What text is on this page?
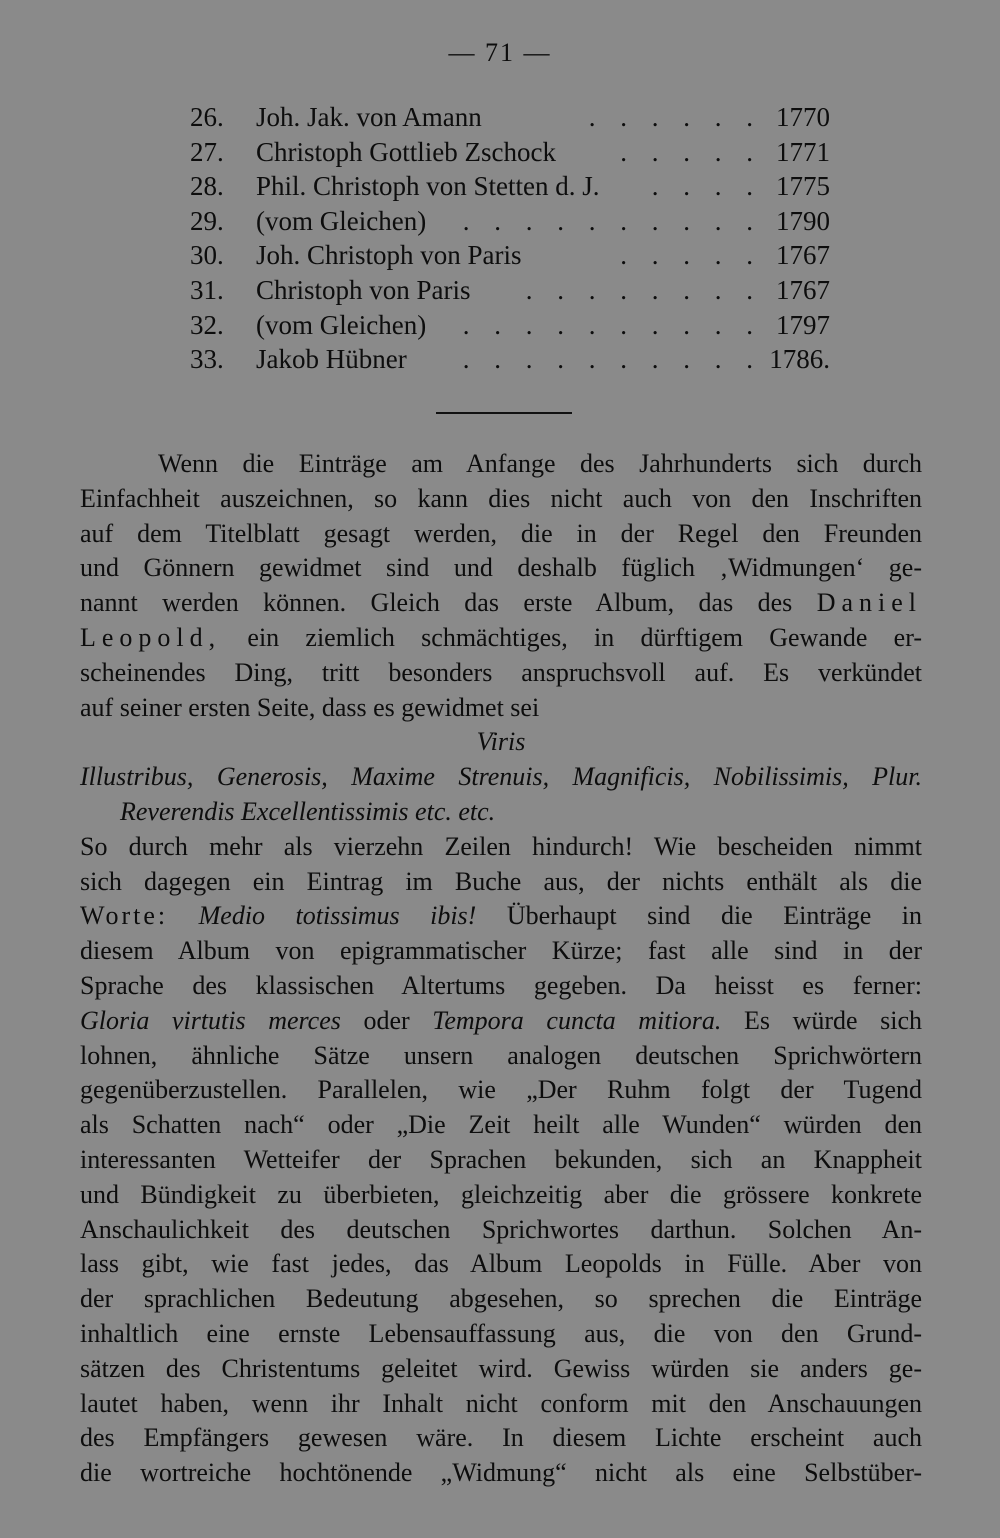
— 71 —
26.	Joh. Jak. von Amann	. . . . . . 1770
27.	Christoph Gottlieb Zschock	. . . . . 1771
28.	Phil. Christoph von Stetten d. J.	. . . . 1775
29.	(vom Gleichen)	. . . . . . . . . . 1790
30.	Joh. Christoph von Paris	. . . . . 1767
31.	Christoph von Paris	. . . . . . . . 1767
32.	(vom Gleichen)	. . . . . . . . . . 1797
33.	Jakob Hübner	. . . . . . . . . . 1786.
Wenn die Einträge am Anfange des Jahrhunderts sich durch
Einfachheit auszeichnen, so kann dies nicht auch von den Inschriften
auf dem Titelblatt gesagt werden, die in der Regel den Freunden
und Gönnern gewidmet sind und deshalb füglich ‚Widmungen‘ ge-
nannt werden können. Gleich das erste Album, das des Daniel
Leopold, ein ziemlich schmächtiges, in dürftigem Gewande er-
scheinendes Ding, tritt besonders anspruchsvoll auf. Es verkündet
auf seiner ersten Seite, dass es gewidmet sei
Viris
Illustribus, Generosis, Maxime Strenuis, Magnificis, Nobilissimis, Plur.
Reverendis Excellentissimis etc. etc.
So durch mehr als vierzehn Zeilen hindurch! Wie bescheiden nimmt
sich dagegen ein Eintrag im Buche aus, der nichts enthält als die
Worte: Medio totissimus ibis! Überhaupt sind die Einträge in
diesem Album von epigrammatischer Kürze; fast alle sind in der
Sprache des klassischen Altertums gegeben. Da heisst es ferner:
Gloria virtutis merces oder Tempora cuncta mitiora. Es würde sich
lohnen, ähnliche Sätze unsern analogen deutschen Sprichwörtern
gegenüberzustellen. Parallelen, wie „Der Ruhm folgt der Tugend
als Schatten nach“ oder „Die Zeit heilt alle Wunden“ würden den
interessanten Wetteifer der Sprachen bekunden, sich an Knappheit
und Bündigkeit zu überbieten, gleichzeitig aber die grössere konkrete
Anschaulichkeit des deutschen Sprichwortes darthun. Solchen An-
lass gibt, wie fast jedes, das Album Leopolds in Fülle. Aber von
der sprachlichen Bedeutung abgesehen, so sprechen die Einträge
inhaltlich eine ernste Lebensauffassung aus, die von den Grund-
sätzen des Christentums geleitet wird. Gewiss würden sie anders ge-
lautet haben, wenn ihr Inhalt nicht conform mit den Anschauungen
des Empfängers gewesen wäre. In diesem Lichte erscheint auch
die wortreiche hochtönende „Widmung“ nicht als eine Selbstüber-
